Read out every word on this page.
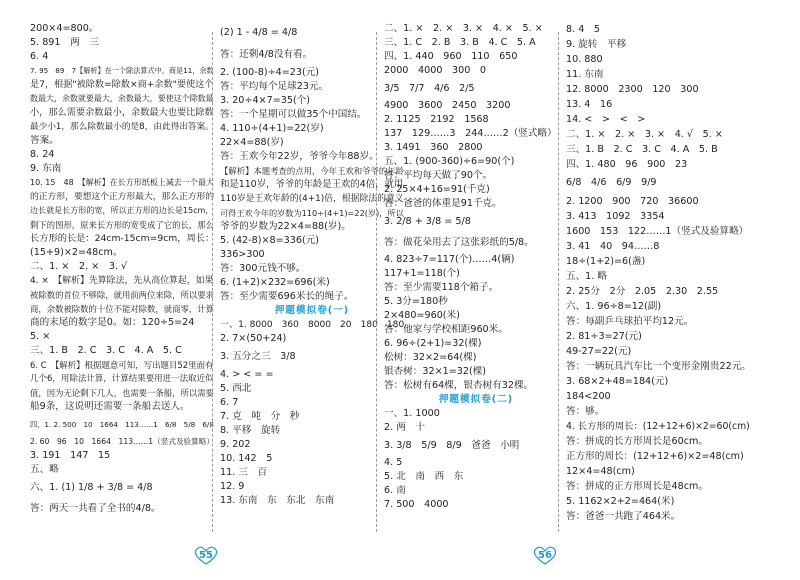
200×4=800。
5. 891　两　三
6. 4
7. 95　89　7【解析】在一个除法算式中，商是11，余数
是7，根据"被除数=除数×商+余数"要使这个
数最大，余数就要最大，余数最大，要使这个除数最
小，那么需要余数最小，余数最大也要比除数
最少小1，那么除数最小的是8，由此得出答案。
答案。
8. 24
9. 东南
10. 15　48　【解析】在长方形纸板上减去一个最大
的正方形，要想这个正方形最大，那么正方形的
边长就是长方形的宽，所以正方形的边长是15cm，
剩下的图形，原来长方形的宽变成了它的长，那么
长方形的长是：24cm-15cm=9cm，周长：
(15+9)×2=48cm。
二、1. ×　2. ×　3. √
4. ×　【解析】先算除法，先从高位算起，如果
被除数的首位不够除，就用前两位来除，所以要求
商，余数被除数的十位不能对除数，就商零，计算
商的末尾的数字是0。如：120÷5=24
5. ×
三、1. B　2. C　3. C　4. A　5. C
6. C　【解析】根据题意可知，写出题目52里面有
几个6，用除法计算，计算结果要用进一法取近似
值，因为无论剩下几人，也需要一条船，所以需要
船9条，这说明还需要一条船去送人。
四、1. 2. 500　10　1664　113……1　6/8　5/8　6/8
2. 60　96　10　1664　113……1（竖式及验算略）
3. 191　147　15
五、略
六、1. (1) 1/8 + 3/8 = 4/8
答：两天一共看了全书的4/8。
(2) 1 - 4/8 = 4/8
答：还剩4/8没有看。
2. (100-8)÷4=23(元)
答：平均每个足球23元。
3. 20÷4×7=35(个)
答：一个星期可以做35个中国结。
4. 110÷(4+1)=22(岁)
22×4=88(岁)
答：王欢今年22岁，爷爷今年88岁。
【解析】本题考查的点用，今年王欢和爷爷的年龄
和是110岁，爷爷的年龄是王欢的4倍，就用
110岁是王欢年龄的(4+1)倍，根据除法的意义
可得王欢今年的岁数为110÷(4+1)=22(岁)，所以
爷爷的岁数为22×4=88(岁)。
5. (42-8)×8=336(元)
336>300
答：300元钱不够。
6. (1+2)×232=696(米)
答：至少需要696米长的绳子。
押题模拟卷(一)
一、1. 8000　360　8000　20　180　180
2. 7×(50+24)
3. 五分之三　3/8
4. > < = =
5. 西北
6. 7
7. 克　吨　分　秒
8. 平移　旋转
9. 202
10. 142　5
11. 三　百
12. 9
13. 东南　东　东北　东南
二、1. ×　2. ×　3. ×　4. ×　5. ×
三、1. C　2. B　3. B　4. C　5. A
四、1. 440　960　110　650
2000　4000　300　0
3/5　7/7　4/6　2/5
4900　3600　2450　3200
2. 1125　2192　1568
137　129……3　244……2（竖式略）
3. 1491　360　2800
五、1. (900-360)÷6=90(个)
答：平均每天做了90个。
2. 25×4+16=91(千克)
答：爸爸的体重是91千克。
3. 2/8 + 3/8 = 5/8
答：做花朵用去了这张彩纸的5/8。
4. 823÷7=117(个)……4(辆)
117+1=118(个)
答：至少需要118个箱子。
5. 3分=180秒
2×480=960(米)
答：他家与学校相距960米。
6. 96÷(2+1)=32(棵)
松树：32×2=64(棵)
银杏树：32×1=32(棵)
答：松树有64棵，银杏树有32棵。
押题模拟卷(二)
一、1. 1000
2. 两　十
3. 3/8　5/9　8/9　爸爸　小明
4. 5
5. 北　南　西　东
6. 南
7. 500　4000
8. 4　5
9. 旋转　平移
10. 880
11. 东南
12. 8000　2300　120　300
13. 4　16
14. <　>　<　>
二、1. ×　2. ×　3. ×　4. √　5. ×
三、1. B　2. C　3. C　4. A　5. B
四、1. 480　96　900　23
6/8　4/6　6/9　9/9
2. 1200　900　720　36600
3. 413　1092　3354
1600　153　122……1（竖式及验算略）
3. 41　40　94……8
18÷(1+2)=6(盏)
五、1. 略
2. 25分　2分　2.05　2.30　2.55
六、1. 96÷8=12(副)
答：每副乒乓球拍平均12元。
2. 81÷3=27(元)
49-27=22(元)
答：一辆玩具汽车比一个变形金刚贵22元。
3. 68×2+48=184(元)
184<200
答：够。
4. 长方形的周长：(12+12+6)×2=60(cm)
答：拼成的长方形周长是60cm。
正方形的周长：(12+12+6)×2=48(cm)
12×4=48(cm)
答：拼成的正方形周长是48cm。
5. 1162×2+2=464(米)
答：爸爸一共跑了464米。
55	56
